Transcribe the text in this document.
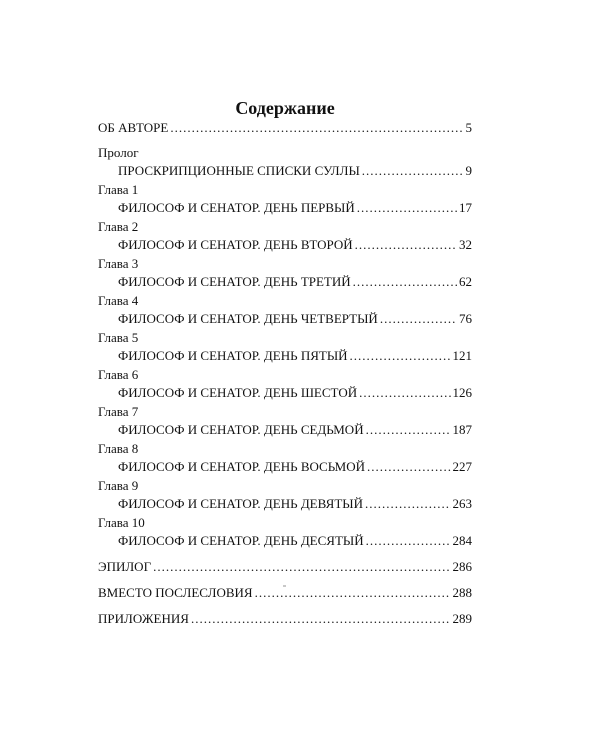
Содержание
ОБ АВТОРЕ .....	5
Пролог
ПРОСКРИПЦИОННЫЕ СПИСКИ СУЛЛЫ .....	9
Глава 1
ФИЛОСОФ И СЕНАТОР. ДЕНЬ ПЕРВЫЙ .....	17
Глава 2
ФИЛОСОФ И СЕНАТОР. ДЕНЬ ВТОРОЙ .....	32
Глава 3
ФИЛОСОФ И СЕНАТОР. ДЕНЬ ТРЕТИЙ .....	62
Глава 4
ФИЛОСОФ И СЕНАТОР. ДЕНЬ ЧЕТВЕРТЫЙ .....	76
Глава 5
ФИЛОСОФ И СЕНАТОР. ДЕНЬ ПЯТЫЙ .....	121
Глава 6
ФИЛОСОФ И СЕНАТОР. ДЕНЬ ШЕСТОЙ .....	126
Глава 7
ФИЛОСОФ И СЕНАТОР. ДЕНЬ СЕДЬМОЙ .....	187
Глава 8
ФИЛОСОФ И СЕНАТОР. ДЕНЬ ВОСЬМОЙ .....	227
Глава 9
ФИЛОСОФ И СЕНАТОР. ДЕНЬ ДЕВЯТЫЙ .....	263
Глава 10
ФИЛОСОФ И СЕНАТОР. ДЕНЬ ДЕСЯТЫЙ .....	284
ЭПИЛОГ .....	286
ВМЕСТО ПОСЛЕСЛОВИЯ .....	288
ПРИЛОЖЕНИЯ .....	289
